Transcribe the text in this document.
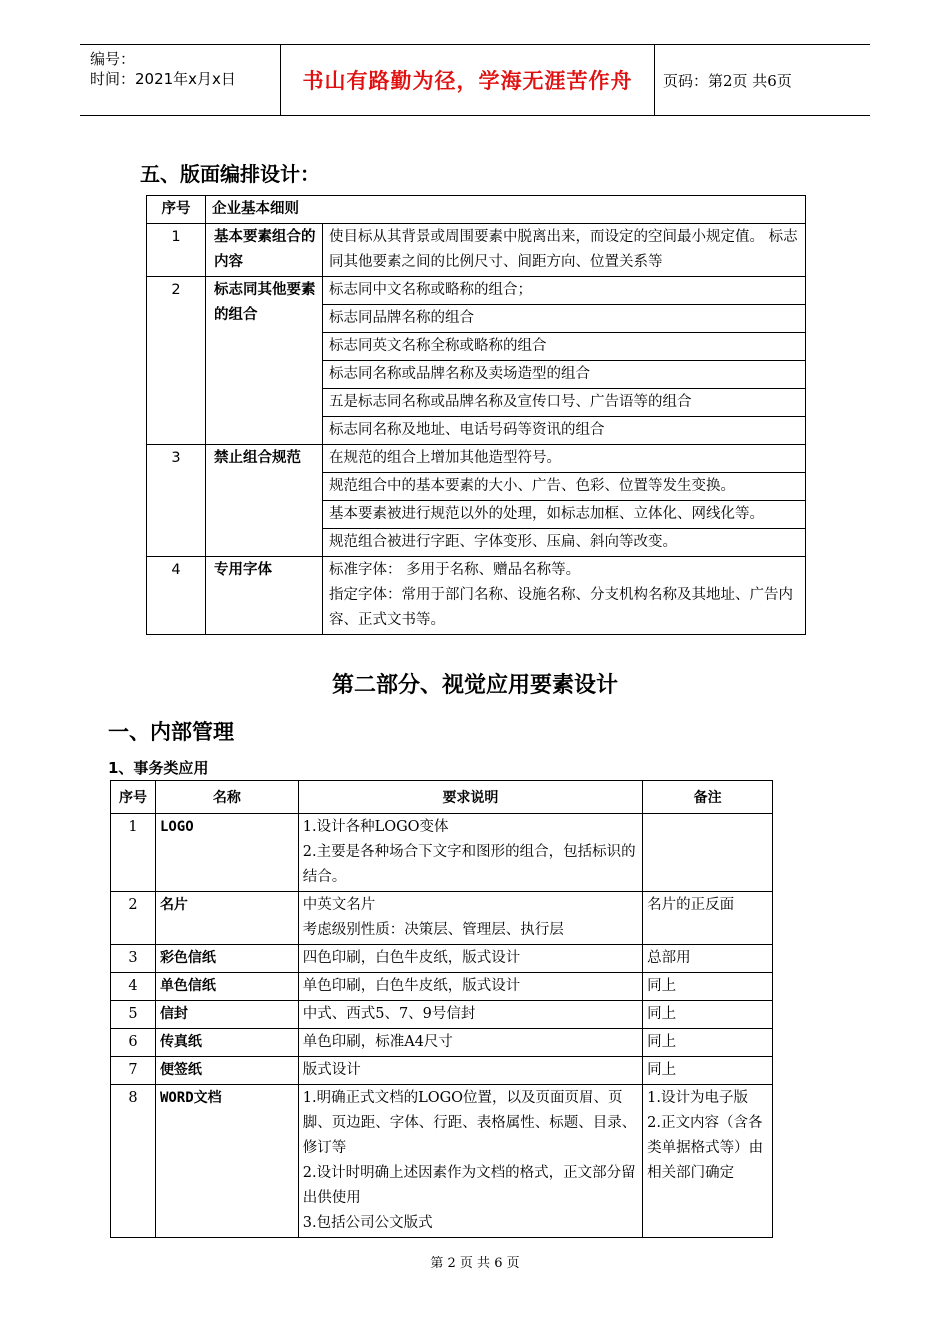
编号：
时间：2021年x月x日	书山有路勤为径，学海无涯苦作舟	页码：第2页 共6页
五、版面编排设计：
序号	企业基本细则	
1	基本要素组合的内容	使目标从其背景或周围要素中脱离出来，而设定的空间最小规定值。 标志同其他要素之间的比例尺寸、间距方向、位置关系等
2	标志同其他要素的组合	标志同中文名称或略称的组合；
		标志同品牌名称的组合
		标志同英文名称全称或略称的组合
		标志同名称或品牌名称及卖场造型的组合
		五是标志同名称或品牌名称及宣传口号、广告语等的组合
		标志同名称及地址、电话号码等资讯的组合
3	禁止组合规范	在规范的组合上增加其他造型符号。
		规范组合中的基本要素的大小、广告、色彩、位置等发生变换。
		基本要素被进行规范以外的处理，如标志加框、立体化、网线化等。
		规范组合被进行字距、字体变形、压扁、斜向等改变。
4	专用字体	标准字体： 多用于名称、赠品名称等。
指定字体：常用于部门名称、设施名称、分支机构名称及其地址、广告内容、正式文书等。
第二部分、视觉应用要素设计
一、内部管理
1、事务类应用
序号	名称	要求说明	备注
1	LOGO	1.设计各种LOGO变体
2.主要是各种场合下文字和图形的组合，包括标识的结合。	
2	名片	中英文名片
考虑级别性质：决策层、管理层、执行层	名片的正反面
3	彩色信纸	四色印刷，白色牛皮纸，版式设计	总部用
4	单色信纸	单色印刷，白色牛皮纸，版式设计	同上
5	信封	中式、西式5、7、9号信封	同上
6	传真纸	单色印刷，标准A4尺寸	同上
7	便签纸	版式设计	同上
8	WORD文档	1.明确正式文档的LOGO位置，以及页面页眉、页脚、页边距、字体、行距、表格属性、标题、目录、修订等
2.设计时明确上述因素作为文档的格式，正文部分留出供使用
3.包括公司公文版式	1.设计为电子版
2.正文内容（含各类单据格式等）由相关部门确定
第 2 页 共 6 页
